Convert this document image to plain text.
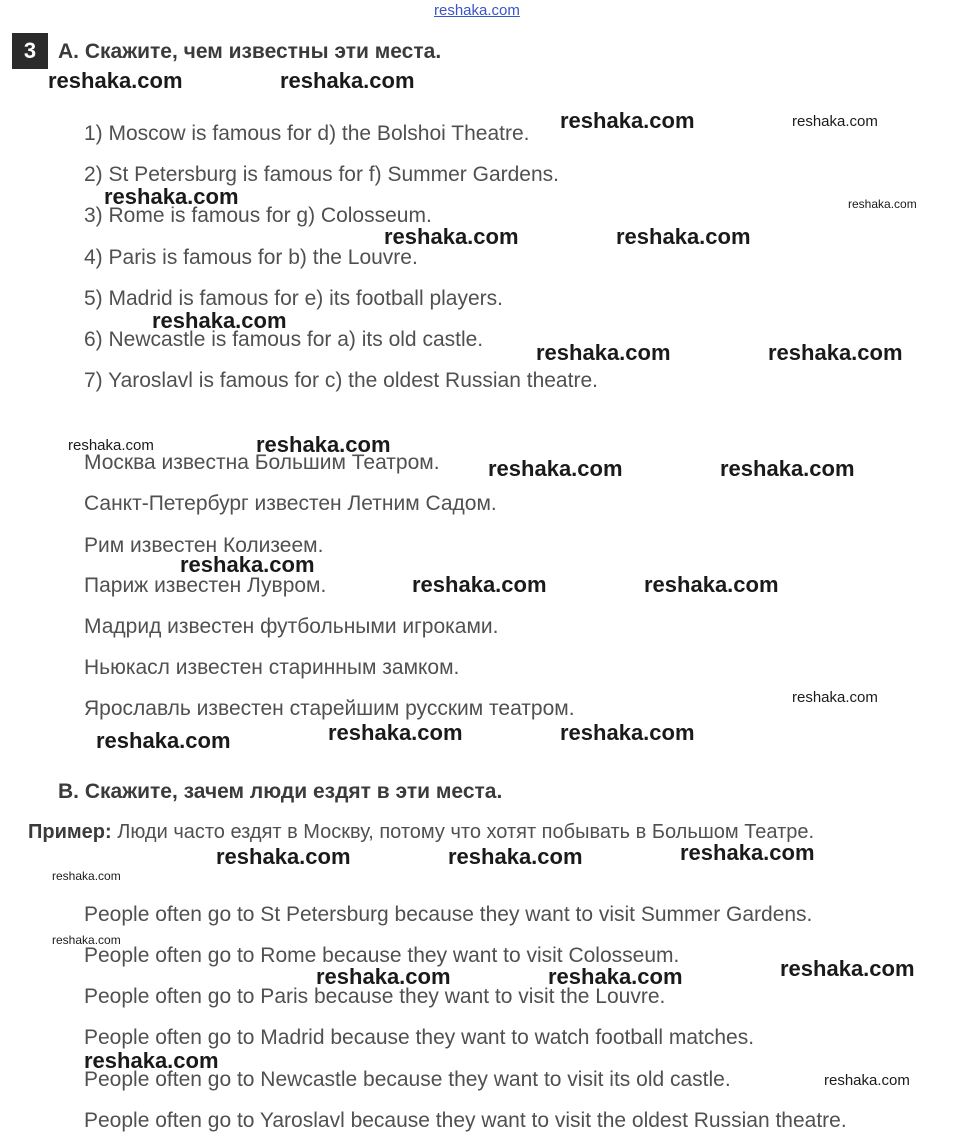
reshaka.com
3	A. Скажите, чем известны эти места.
1) Moscow is famous for d) the Bolshoi Theatre.
2) St Petersburg is famous for f) Summer Gardens.
3) Rome is famous for g) Colosseum.
4) Paris is famous for b) the Louvre.
5) Madrid is famous for e) its football players.
6) Newcastle is famous for a) its old castle.
7) Yaroslavl is famous for c) the oldest Russian theatre.
Москва известна Большим Театром.
Санкт-Петербург известен Летним Садом.
Рим известен Колизеем.
Париж известен Лувром.
Мадрид известен футбольными игроками.
Ньюкасл известен старинным замком.
Ярославль известен старейшим русским театром.
B. Скажите, зачем люди ездят в эти места.
Пример: Люди часто ездят в Москву, потому что хотят побывать в Большом Театре.
People often go to St Petersburg because they want to visit Summer Gardens.
People often go to Rome because they want to visit Colosseum.
People often go to Paris because they want to visit the Louvre.
People often go to Madrid because they want to watch football matches.
People often go to Newcastle because they want to visit its old castle.
People often go to Yaroslavl because they want to visit the oldest Russian theatre.
reshaka.com	reshaka.com
reshaka.com	reshaka.com
reshaka.com	reshaka.com
reshaka.com	reshaka.com
reshaka.com
reshaka.com	reshaka.com
reshaka.com	reshaka.com
reshaka.com	reshaka.com
reshaka.com
reshaka.com	reshaka.com
reshaka.com
reshaka.com	reshaka.com	reshaka.com
reshaka.com	reshaka.com	reshaka.com
reshaka.com
reshaka.com
reshaka.com	reshaka.com	reshaka.com
reshaka.com
reshaka.com
